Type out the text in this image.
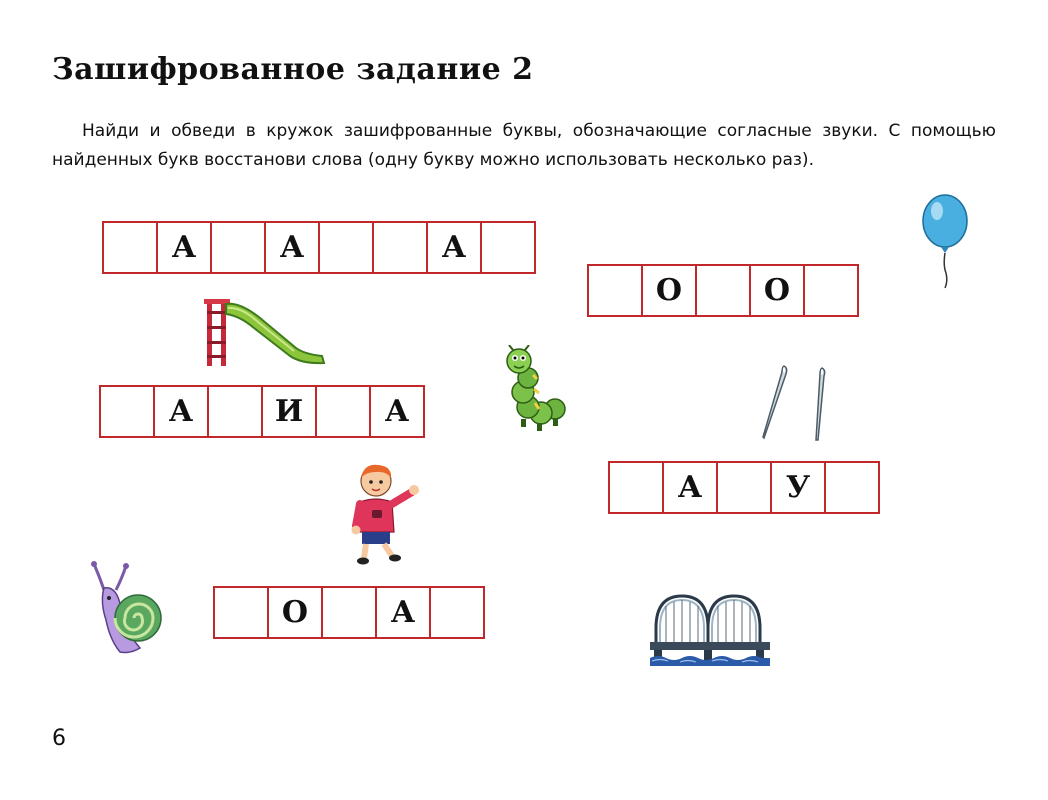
Зашифрованное задание 2

Найди и обведи в кружок зашифрованные буквы, обозначающие согласные звуки. С помощью найденных букв восстанови слова (одну букву можно использовать несколько раз).

А	А	А
О	О
А	И	А
А	У
О	А
6
